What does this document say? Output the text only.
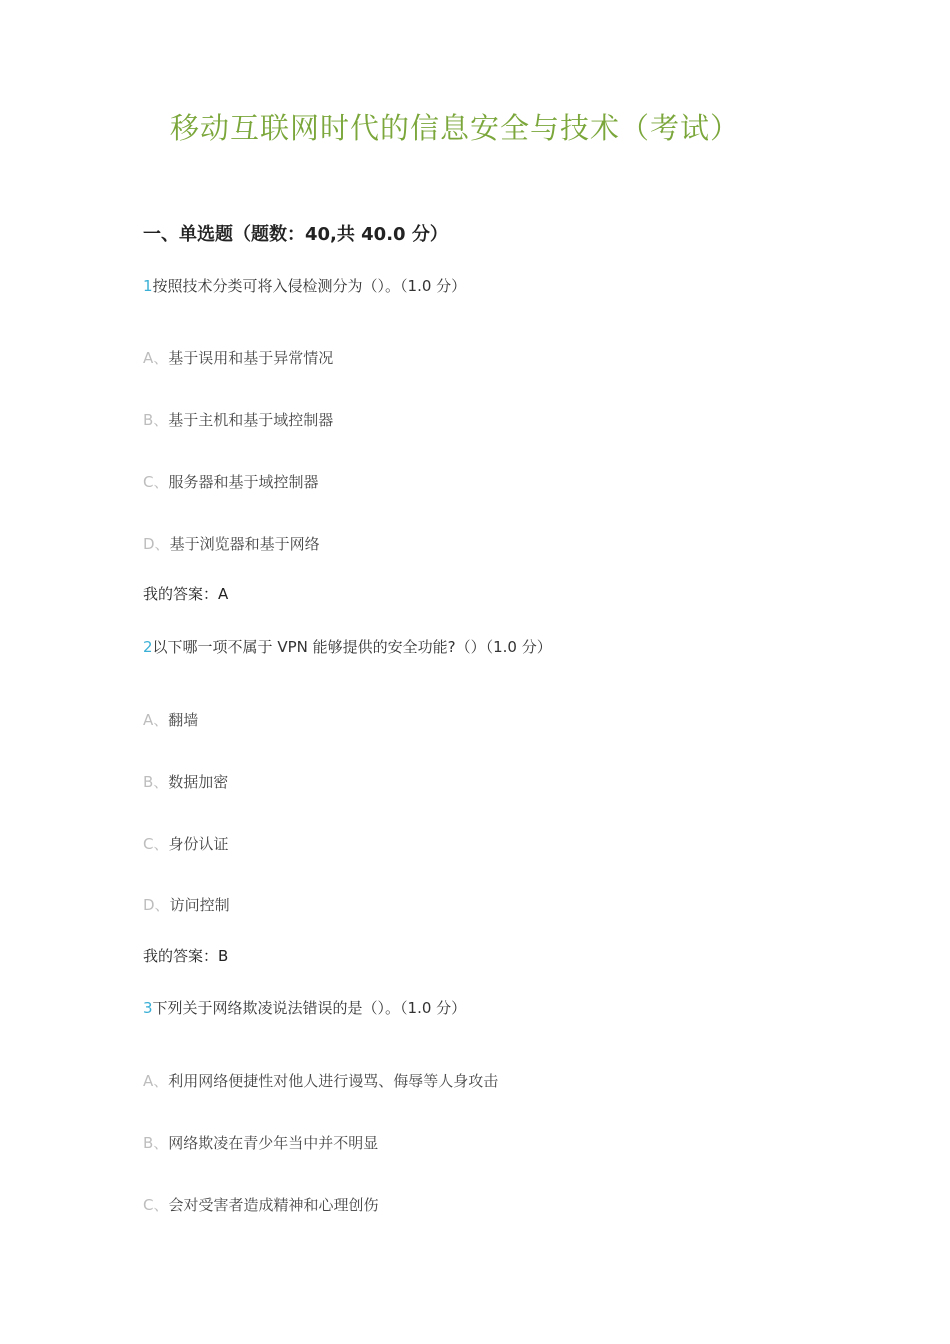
移动互联网时代的信息安全与技术（考试）
一、单选题（题数：40,共 40.0 分）
1按照技术分类可将入侵检测分为（）。（1.0 分）
A、基于误用和基于异常情况
B、基于主机和基于域控制器
C、服务器和基于域控制器
D、基于浏览器和基于网络
我的答案：A
2以下哪一项不属于 VPN 能够提供的安全功能?（）（1.0 分）
A、翻墙
B、数据加密
C、身份认证
D、访问控制
我的答案：B
3下列关于网络欺凌说法错误的是（）。（1.0 分）
A、利用网络便捷性对他人进行谩骂、侮辱等人身攻击
B、网络欺凌在青少年当中并不明显
C、会对受害者造成精神和心理创伤
